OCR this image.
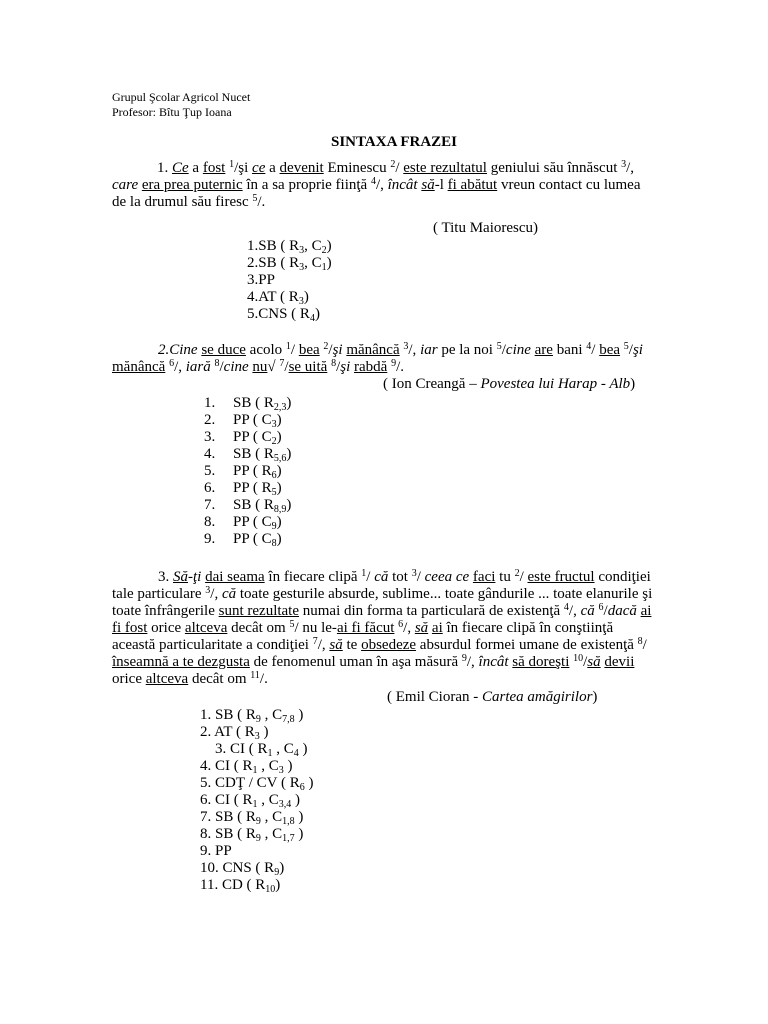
Grupul Şcolar Agricol Nucet
Profesor: Bîtu Ţup Ioana
SINTAXA FRAZEI
1. Ce a fost $^1$/şi ce a devenit Eminescu $^2$/ este rezultatul geniului său înnăscut $^3$/, care era prea puternic în a sa proprie fiinţă $^4$/, încât să-l fi abătut vreun contact cu lumea de la drumul său firesc $^5$/.
( Titu Maiorescu)
1.SB ( $R_3$, $C_2$)
2.SB ( $R_3$, $C_1$)
3.PP
4.AT ( $R_3$)
5.CNS ( $R_4$)
2.Cine se duce acolo $^1$/ bea $^2$/şi mănâncă $^3$/, iar pe la noi $^5$/cine are bani $^4$/ bea $^5$/şi mănâncă $^6$/, iară $^8$/cine nu√ $^7$/se uită $^8$/şi rabdă $^9$/.
( Ion Creangă – Povestea lui Harap - Alb)
1. SB ( $R_{2,3}$)
2. PP ( $C_3$)
3. PP ( $C_2$)
4. SB ( $R_{5,6}$)
5. PP ( $R_6$)
6. PP ( $R_5$)
7. SB ( $R_{8,9}$)
8. PP ( $C_9$)
9. PP ( $C_8$)
3. Să-ţi dai seama în fiecare clipă $^1$/ că tot $^3$/ ceea ce faci tu $^2$/ este fructul condiţiei tale particulare $^3$/, că toate gesturile absurde, sublime... toate gândurile ... toate elanurile şi toate înfrângerile sunt rezultate numai din forma ta particulară de existenţă $^4$/, că $^6$/dacă ai fi fost orice altceva decât om $^5$/ nu le-ai fi făcut $^6$/, să ai în fiecare clipă în conştiinţă această particularitate a condiţiei $^7$/, să te obsedeze absurdul formei umane de existenţă $^8$/ înseamnă a te dezgusta de fenomenul uman în aşa măsură $^9$/, încât să doreşti $^{10}$/să devii orice altceva decât om $^{11}$/.
( Emil Cioran - Cartea amăgirilor)
1. SB ( $R_9$ , $C_{7,8}$ )
2. AT ( $R_3$ )
3. CI ( $R_1$ , $C_4$ )
4. CI ( $R_1$ , $C_3$ )
5. CDŢ / CV ( $R_6$ )
6. CI ( $R_1$ , $C_{3,4}$ )
7. SB ( $R_9$ , $C_{1,8}$ )
8. SB ( $R_9$ , $C_{1,7}$ )
9. PP
10. CNS ( $R_9$)
11. CD ( $R_{10}$)
